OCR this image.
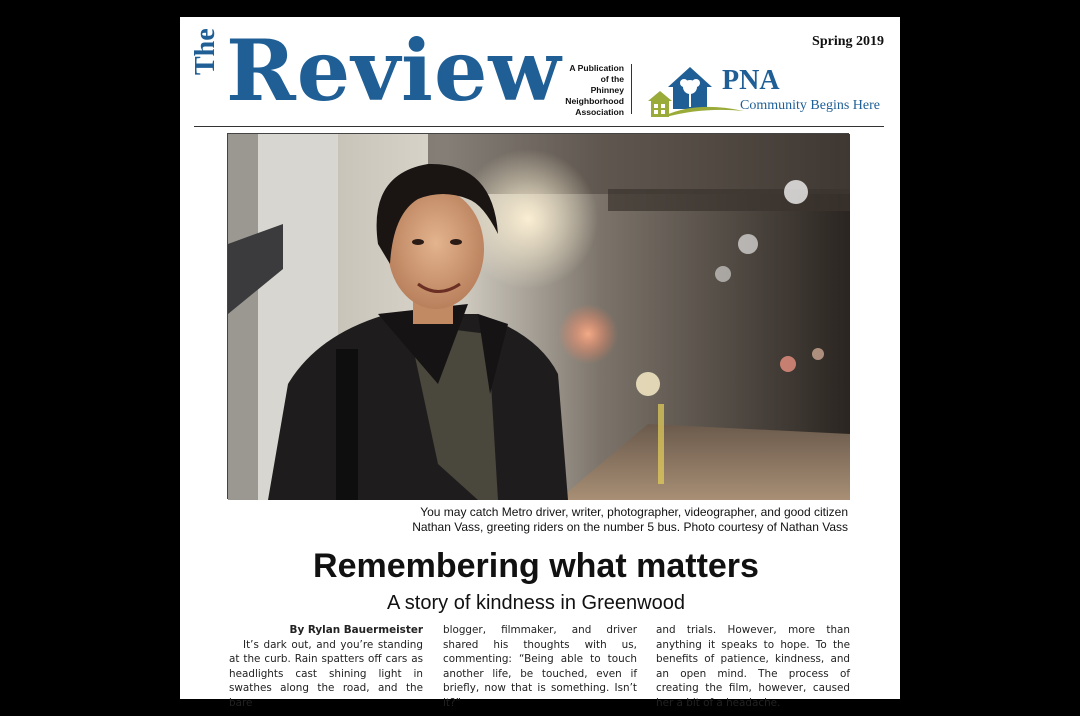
Spring 2019
The Review A Publication
of the
Phinney
Neighborhood
Association
PNA
Community Begins Here
You may catch Metro driver, writer, photographer, videographer, and good citizen
Nathan Vass, greeting riders on the number 5 bus. Photo courtesy of Nathan Vass
Remembering what matters
A story of kindness in Greenwood
By Rylan Bauermeister

It’s dark out, and you’re standing at the curb. Rain spatters off cars as headlights cast shining light in swathes along the road, and the bare

blogger, filmmaker, and driver shared his thoughts with us, commenting: “Being able to touch another life, be touched, even if briefly, now that is something. Isn’t it?”

and trials. However, more than anything it speaks to hope. To the benefits of patience, kindness, and an open mind. The process of creating the film, however, caused her a bit of a headache.
